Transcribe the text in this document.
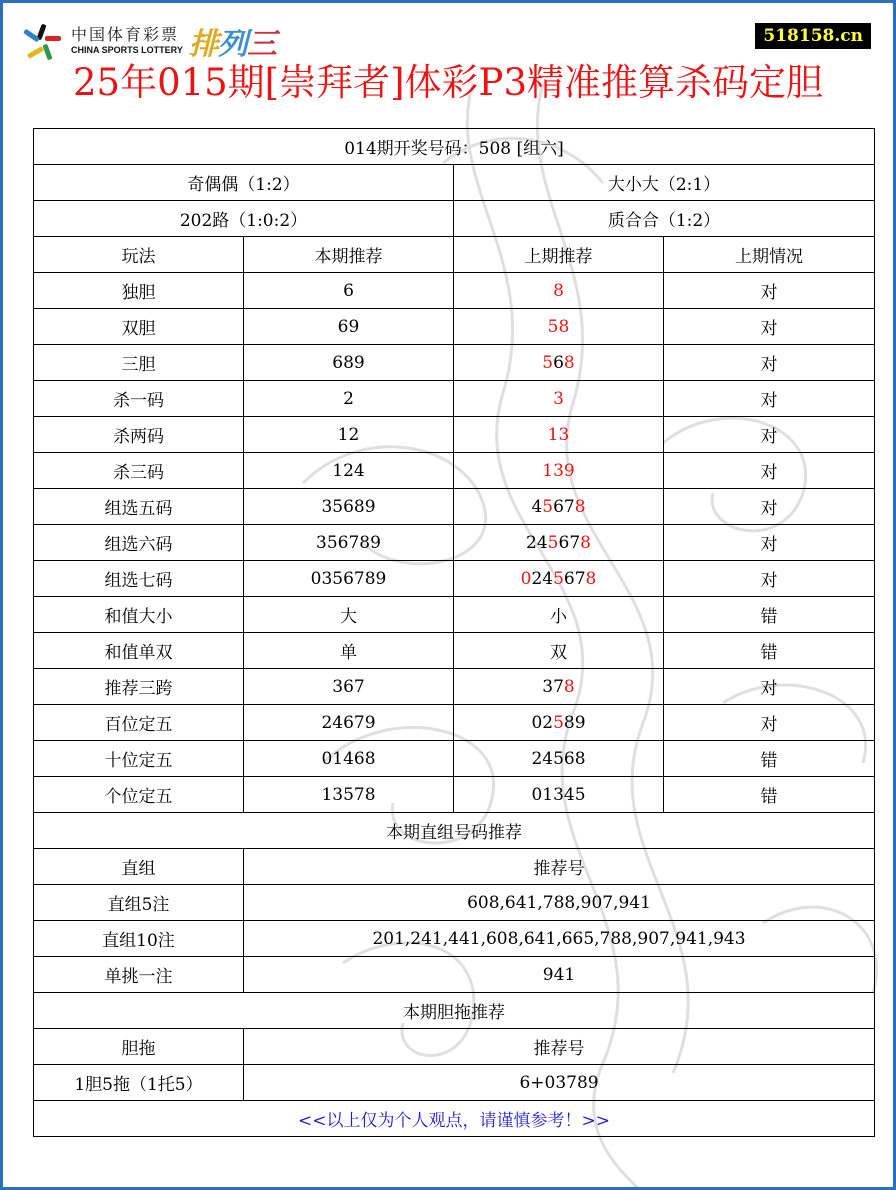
中国体育彩票
CHINA SPORTS LOTTERY 排列三	518158.cn
25年015期[崇拜者]体彩P3精准推算杀码定胆
014期开奖号码：508 [组六]			
奇偶偶（1:2）		大小大（2:1）	
202路（1:0:2）		质合合（1:2）	
玩法	本期推荐	上期推荐	上期情况
独胆	6	8	对
双胆	69	58	对
三胆	689	568	对
杀一码	2	3	对
杀两码	12	13	对
杀三码	124	139	对
组选五码	35689	45678	对
组选六码	356789	245678	对
组选七码	0356789	0245678	对
和值大小	大	小	错
和值单双	单	双	错
推荐三跨	367	378	对
百位定五	24679	02589	对
十位定五	01468	24568	错
个位定五	13578	01345	错
本期直组号码推荐			
直组	推荐号		
直组5注	608,641,788,907,941		
直组10注	201,241,441,608,641,665,788,907,941,943		
单挑一注	941		
本期胆拖推荐			
胆拖	推荐号		
1胆5拖（1托5）	6+03789		
<<以上仅为个人观点，请谨慎参考！>>			
